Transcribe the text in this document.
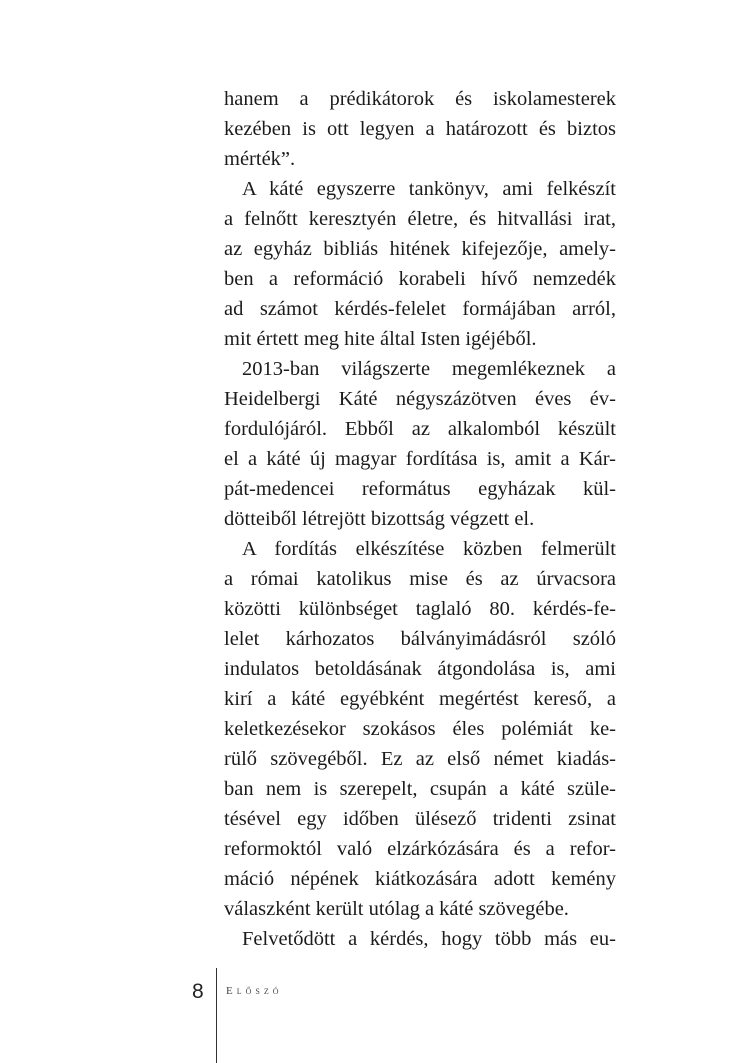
hanem a prédikátorok és iskolamesterek
kezében is ott legyen a határozott és biztos
mérték”.
A káté egyszerre tankönyv, ami felkészít
a felnőtt keresztyén életre, és hitvallási irat,
az egyház bibliás hitének kifejezője, amely-
ben a reformáció korabeli hívő nemzedék
ad számot kérdés-felelet formájában arról,
mit értett meg hite által Isten igéjéből.
2013-ban világszerte megemlékeznek a
Heidelbergi Káté négyszázötven éves év-
fordulójáról. Ebből az alkalomból készült
el a káté új magyar fordítása is, amit a Kár-
pát-medencei református egyházak kül-
dötteiből létrejött bizottság végzett el.
A fordítás elkészítése közben felmerült
a római katolikus mise és az úrvacsora
közötti különbséget taglaló 80. kérdés-fe-
lelet kárhozatos bálványimádásról szóló
indulatos betoldásának átgondolása is, ami
kirí a káté egyébként megértést kereső, a
keletkezésekor szokásos éles polémiát ke-
rülő szövegéből. Ez az első német kiadás-
ban nem is szerepelt, csupán a káté szüle-
tésével egy időben ülésező tridenti zsinat
reformoktól való elzárkózására és a refor-
máció népének kiátkozására adott kemény
válaszként került utólag a káté szövegébe.
Felvetődött a kérdés, hogy több más eu-
8 Előszó
